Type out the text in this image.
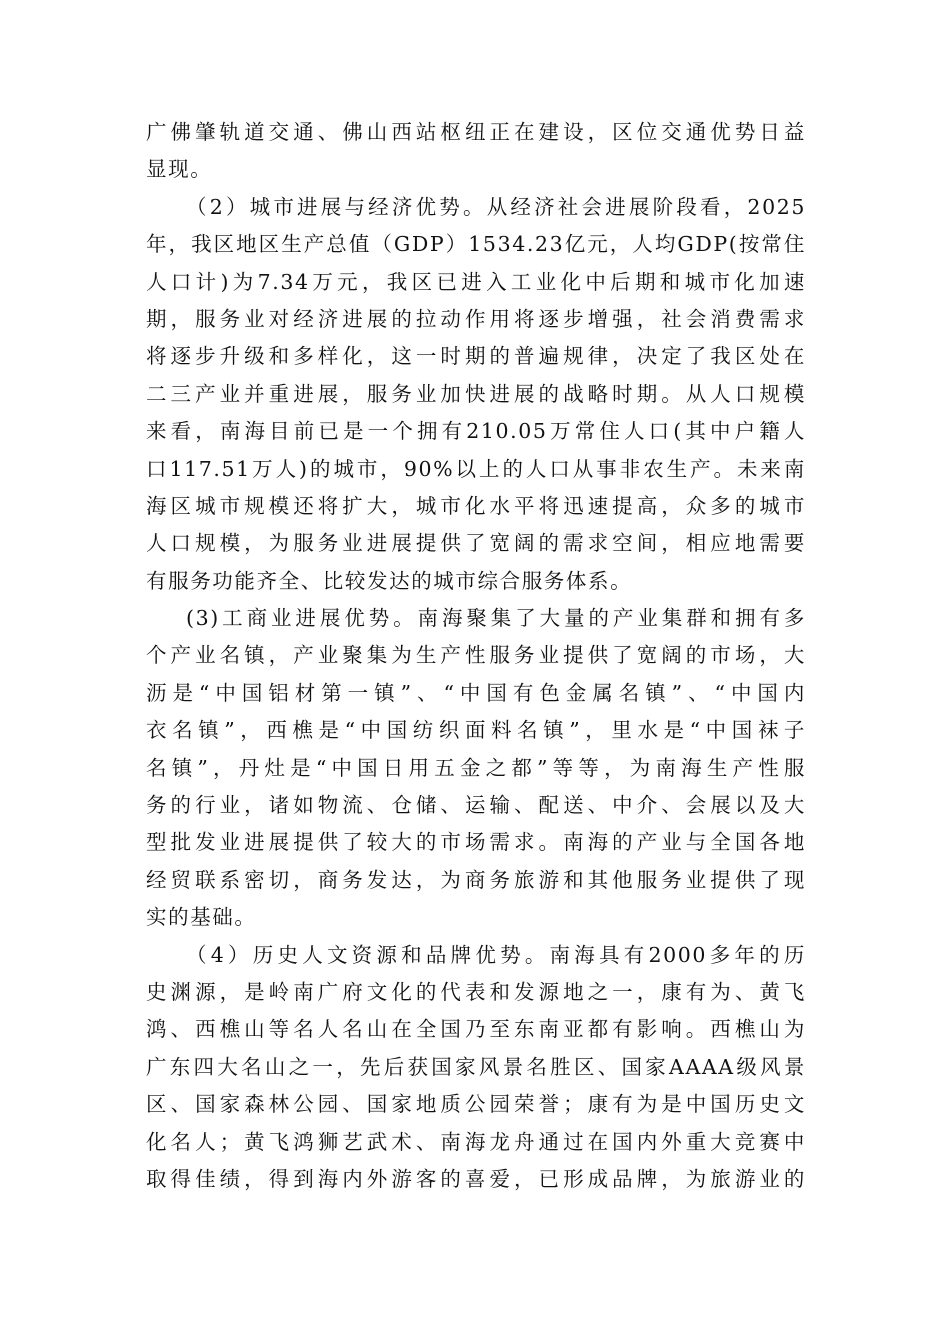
广佛肇轨道交通、佛山西站枢纽正在建设，区位交通优势日益
显现。
（2）城市进展与经济优势。从经济社会进展阶段看，2025
年，我区地区生产总值（GDP）1534.23亿元，人均GDP(按常住
人口计)为7.34万元，我区已进入工业化中后期和城市化加速
期，服务业对经济进展的拉动作用将逐步增强，社会消费需求
将逐步升级和多样化，这一时期的普遍规律，决定了我区处在
二三产业并重进展，服务业加快进展的战略时期。从人口规模
来看，南海目前已是一个拥有210.05万常住人口(其中户籍人
口117.51万人)的城市，90%以上的人口从事非农生产。未来南
海区城市规模还将扩大，城市化水平将迅速提高，众多的城市
人口规模，为服务业进展提供了宽阔的需求空间，相应地需要
有服务功能齐全、比较发达的城市综合服务体系。
(3)工商业进展优势。南海聚集了大量的产业集群和拥有多
个产业名镇，产业聚集为生产性服务业提供了宽阔的市场，大
沥是“中国铝材第一镇”、“中国有色金属名镇”、“中国内
衣名镇”，西樵是“中国纺织面料名镇”，里水是“中国袜子
名镇”，丹灶是“中国日用五金之都”等等，为南海生产性服
务的行业，诸如物流、仓储、运输、配送、中介、会展以及大
型批发业进展提供了较大的市场需求。南海的产业与全国各地
经贸联系密切，商务发达，为商务旅游和其他服务业提供了现
实的基础。
（4）历史人文资源和品牌优势。南海具有2000多年的历
史渊源，是岭南广府文化的代表和发源地之一，康有为、黄飞
鸿、西樵山等名人名山在全国乃至东南亚都有影响。西樵山为
广东四大名山之一，先后获国家风景名胜区、国家AAAA级风景
区、国家森林公园、国家地质公园荣誉；康有为是中国历史文
化名人；黄飞鸿狮艺武术、南海龙舟通过在国内外重大竞赛中
取得佳绩，得到海内外游客的喜爱，已形成品牌，为旅游业的
